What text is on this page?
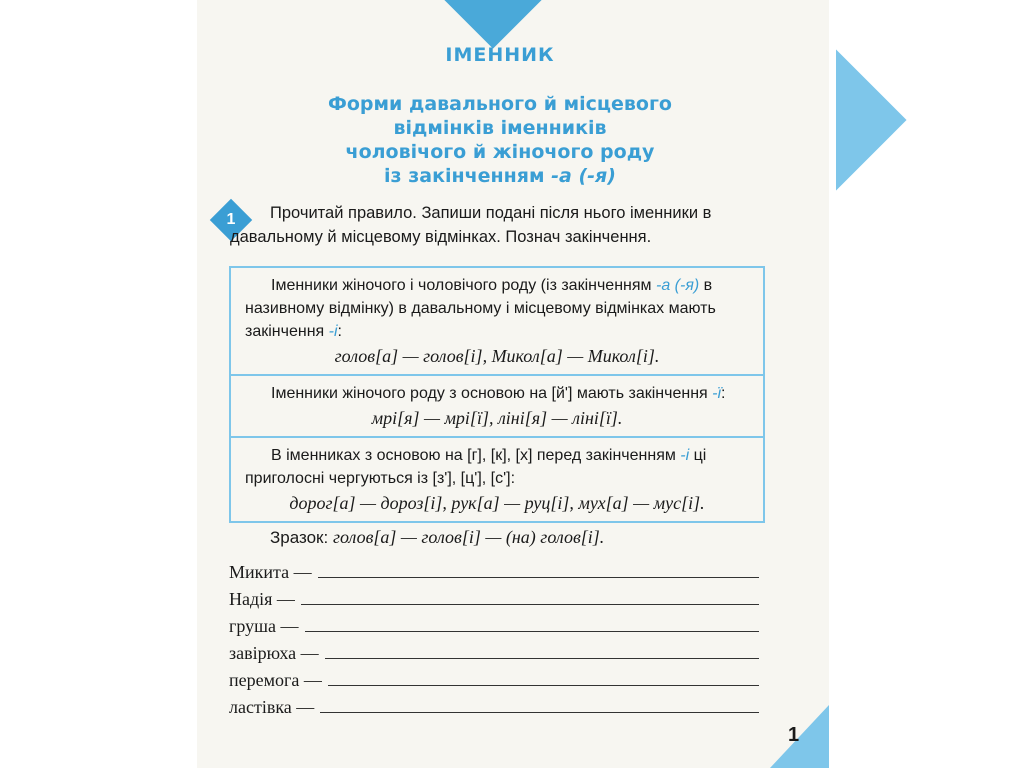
ІМЕННИК
Форми давального й місцевого
відмінків іменників
чоловічого й жіночого роду
із закінченням -а (-я)
1	Прочитай правило. Запиши подані після нього іменники в давальному й місцевому відмінках. Познач закінчення.
Іменники жіночого і чоловічого роду (із закінченням -а (-я) в називному відмінку) в давальному і місцевому відмінках мають закінчення -і:
голов[а] — голов[і], Микол[а] — Микол[і].
Іменники жіночого роду з основою на [й'] мають закінчення -ї:
мрі[я] — мрі[ї], ліні[я] — ліні[ї].
В іменниках з основою на [г], [к], [х] перед закінченням -і ці приголосні чергуються із [з'], [ц'], [с']:
дорог[а] — дороз[і], рук[а] — руц[і], мух[а] — мус[і].
Зразок: голов[а] — голов[і] — (на) голов[і].
Микита —
Надія —
груша —
завірюха —
перемога —
ластівка —
1
